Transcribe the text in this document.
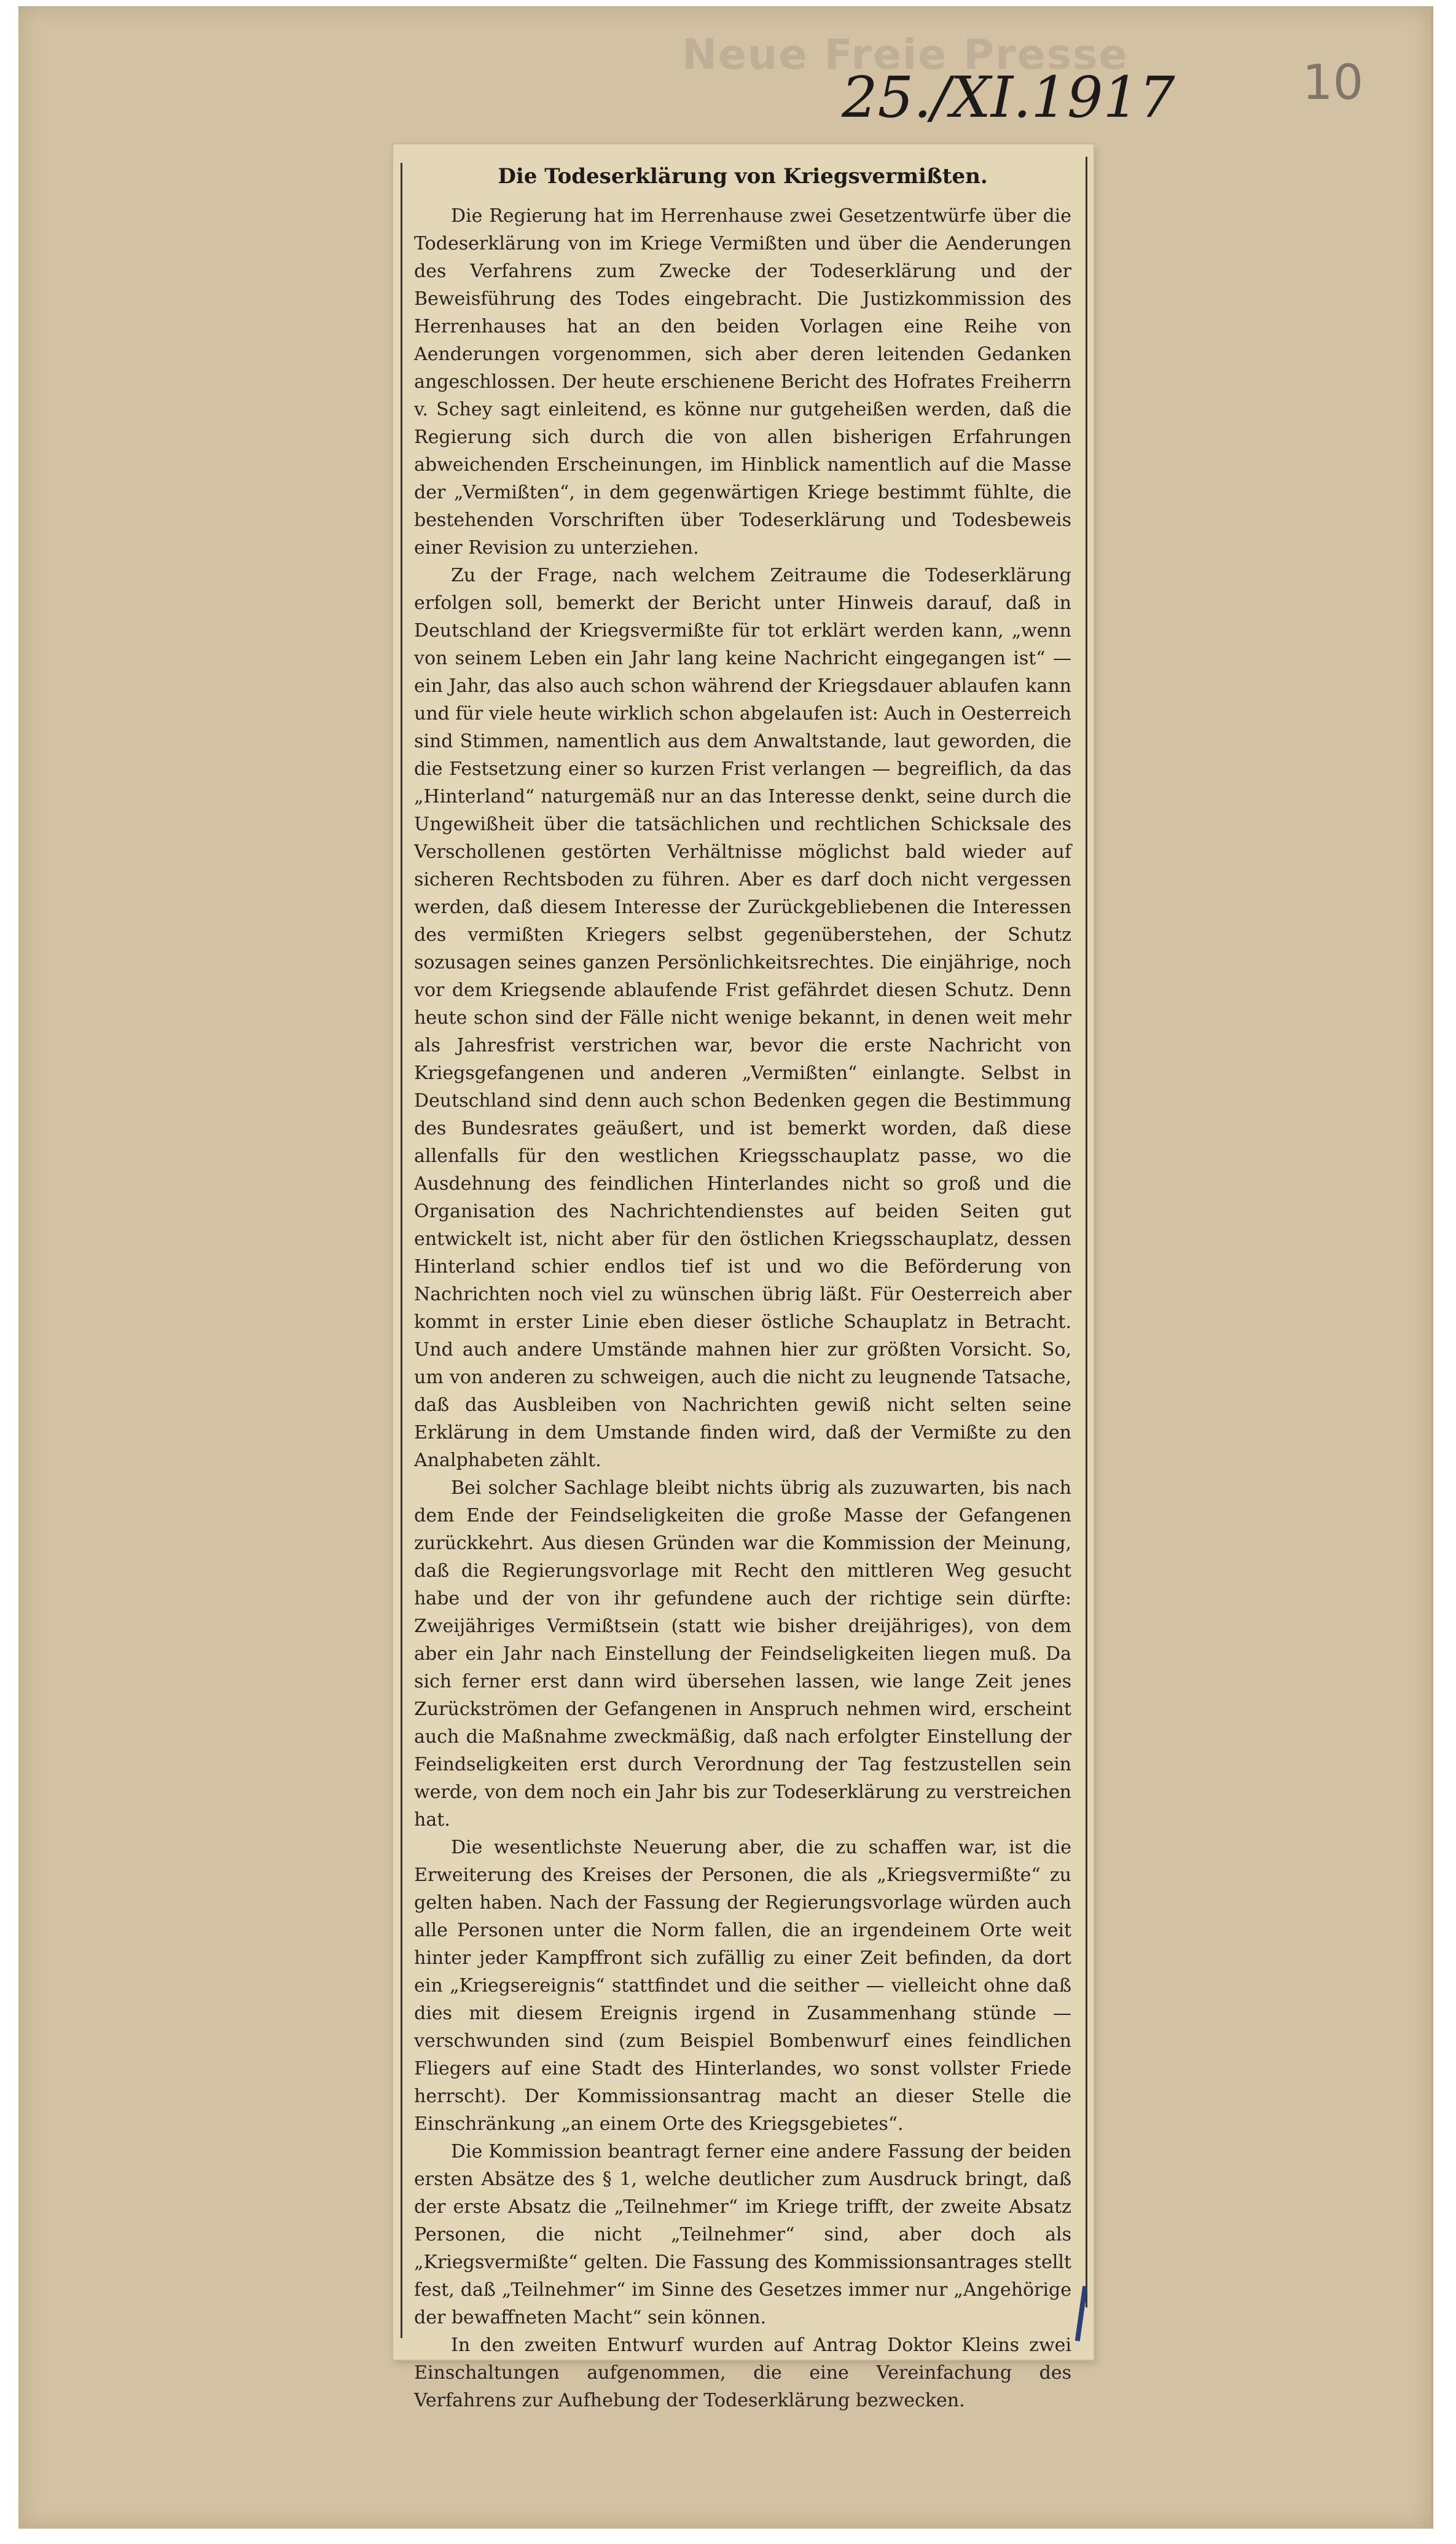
Neue Freie Presse
25./XI.1917	10
Die Todeserklärung von Kriegsvermißten.

Die Regierung hat im Herrenhause zwei Gesetzentwürfe über die Todeserklärung von im Kriege Vermißten und über die Aenderungen des Verfahrens zum Zwecke der Todeserklärung und der Beweisführung des Todes eingebracht. Die Justizkommission des Herrenhauses hat an den beiden Vorlagen eine Reihe von Aenderungen vorgenommen, sich aber deren leitenden Gedanken angeschlossen. Der heute erschienene Bericht des Hofrates Freiherrn v. Schey sagt einleitend, es könne nur gutgeheißen werden, daß die Regierung sich durch die von allen bisherigen Erfahrungen abweichenden Erscheinungen, im Hinblick namentlich auf die Masse der „Vermißten“, in dem gegenwärtigen Kriege bestimmt fühlte, die bestehenden Vorschriften über Todeserklärung und Todesbeweis einer Revision zu unterziehen.

Zu der Frage, nach welchem Zeitraume die Todeserklärung erfolgen soll, bemerkt der Bericht unter Hinweis darauf, daß in Deutschland der Kriegsvermißte für tot erklärt werden kann, „wenn von seinem Leben ein Jahr lang keine Nachricht eingegangen ist“ — ein Jahr, das also auch schon während der Kriegsdauer ablaufen kann und für viele heute wirklich schon abgelaufen ist: Auch in Oesterreich sind Stimmen, namentlich aus dem Anwaltstande, laut geworden, die die Festsetzung einer so kurzen Frist verlangen — begreiflich, da das „Hinterland“ naturgemäß nur an das Interesse denkt, seine durch die Ungewißheit über die tatsächlichen und rechtlichen Schicksale des Verschollenen gestörten Verhältnisse möglichst bald wieder auf sicheren Rechtsboden zu führen. Aber es darf doch nicht vergessen werden, daß diesem Interesse der Zurückgebliebenen die Interessen des vermißten Kriegers selbst gegenüberstehen, der Schutz sozusagen seines ganzen Persönlichkeitsrechtes. Die einjährige, noch vor dem Kriegsende ablaufende Frist gefährdet diesen Schutz. Denn heute schon sind der Fälle nicht wenige bekannt, in denen weit mehr als Jahresfrist verstrichen war, bevor die erste Nachricht von Kriegsgefangenen und anderen „Vermißten“ einlangte. Selbst in Deutschland sind denn auch schon Bedenken gegen die Bestimmung des Bundesrates geäußert, und ist bemerkt worden, daß diese allenfalls für den westlichen Kriegsschauplatz passe, wo die Ausdehnung des feindlichen Hinterlandes nicht so groß und die Organisation des Nachrichtendienstes auf beiden Seiten gut entwickelt ist, nicht aber für den östlichen Kriegsschauplatz, dessen Hinterland schier endlos tief ist und wo die Beförderung von Nachrichten noch viel zu wünschen übrig läßt. Für Oesterreich aber kommt in erster Linie eben dieser östliche Schauplatz in Betracht. Und auch andere Umstände mahnen hier zur größten Vorsicht. So, um von anderen zu schweigen, auch die nicht zu leugnende Tatsache, daß das Ausbleiben von Nachrichten gewiß nicht selten seine Erklärung in dem Umstande finden wird, daß der Vermißte zu den Analphabeten zählt.

Bei solcher Sachlage bleibt nichts übrig als zuzuwarten, bis nach dem Ende der Feindseligkeiten die große Masse der Gefangenen zurückkehrt. Aus diesen Gründen war die Kommission der Meinung, daß die Regierungsvorlage mit Recht den mittleren Weg gesucht habe und der von ihr gefundene auch der richtige sein dürfte: Zweijähriges Vermißtsein (statt wie bisher dreijähriges), von dem aber ein Jahr nach Einstellung der Feindseligkeiten liegen muß. Da sich ferner erst dann wird übersehen lassen, wie lange Zeit jenes Zurückströmen der Gefangenen in Anspruch nehmen wird, erscheint auch die Maßnahme zweckmäßig, daß nach erfolgter Einstellung der Feindseligkeiten erst durch Verordnung der Tag festzustellen sein werde, von dem noch ein Jahr bis zur Todeserklärung zu verstreichen hat.

Die wesentlichste Neuerung aber, die zu schaffen war, ist die Erweiterung des Kreises der Personen, die als „Kriegsvermißte“ zu gelten haben. Nach der Fassung der Regierungsvorlage würden auch alle Personen unter die Norm fallen, die an irgendeinem Orte weit hinter jeder Kampffront sich zufällig zu einer Zeit befinden, da dort ein „Kriegsereignis“ stattfindet und die seither — vielleicht ohne daß dies mit diesem Ereignis irgend in Zusammenhang stünde — verschwunden sind (zum Beispiel Bombenwurf eines feindlichen Fliegers auf eine Stadt des Hinterlandes, wo sonst vollster Friede herrscht). Der Kommissionsantrag macht an dieser Stelle die Einschränkung „an einem Orte des Kriegsgebietes“.

Die Kommission beantragt ferner eine andere Fassung der beiden ersten Absätze des § 1, welche deutlicher zum Ausdruck bringt, daß der erste Absatz die „Teilnehmer“ im Kriege trifft, der zweite Absatz Personen, die nicht „Teilnehmer“ sind, aber doch als „Kriegsvermißte“ gelten. Die Fassung des Kommissionsantrages stellt fest, daß „Teilnehmer“ im Sinne des Gesetzes immer nur „Angehörige der bewaffneten Macht“ sein können.

In den zweiten Entwurf wurden auf Antrag Doktor Kleins zwei Einschaltungen aufgenommen, die eine Vereinfachung des Verfahrens zur Aufhebung der Todeserklärung bezwecken.
